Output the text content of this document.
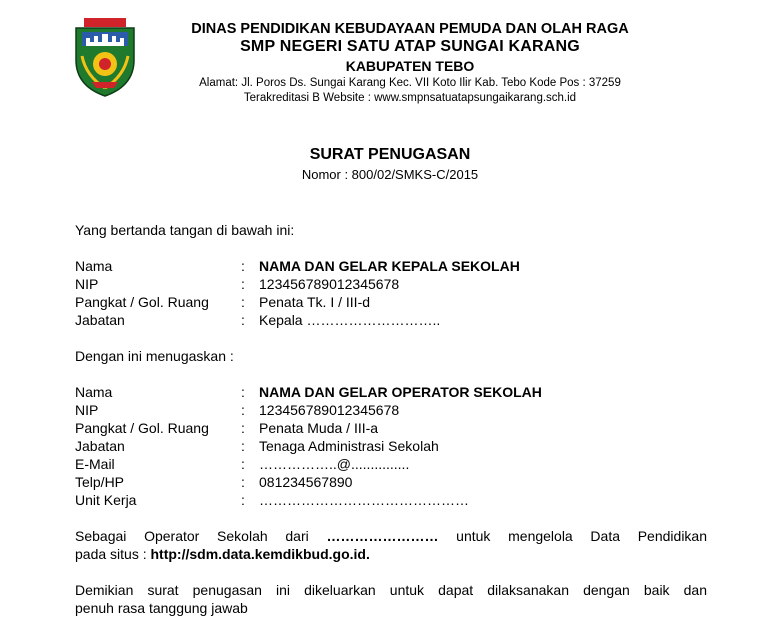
DINAS PENDIDIKAN KEBUDAYAAN PEMUDA DAN OLAH RAGA
SMP NEGERI SATU ATAP SUNGAI KARANG
KABUPATEN TEBO
Alamat: Jl. Poros Ds. Sungai Karang Kec. VII Koto Ilir Kab. Tebo Kode Pos : 37259
Terakreditasi B Website : www.smpnsatuatapsungaikarang.sch.id
SURAT PENUGASAN
Nomor : 800/02/SMKS-C/2015
Yang bertanda tangan di bawah ini:
Nama	: NAMA DAN GELAR KEPALA SEKOLAH
NIP	: 123456789012345678
Pangkat / Gol. Ruang : Penata Tk. I / III-d
Jabatan	: Kepala ………………………..
Dengan ini menugaskan :
Nama	: NAMA DAN GELAR OPERATOR SEKOLAH
NIP	: 123456789012345678
Pangkat / Gol. Ruang : Penata Muda / III-a
Jabatan	: Tenaga Administrasi Sekolah
E-Mail	: ……………..@...............
Telp/HP	: 081234567890
Unit Kerja	: ………………………………………
Sebagai Operator Sekolah dari …………………… untuk mengelola Data Pendidikan
pada situs : http://sdm.data.kemdikbud.go.id.
Demikian surat penugasan ini dikeluarkan untuk dapat dilaksanakan dengan baik dan
penuh rasa tanggung jawab
